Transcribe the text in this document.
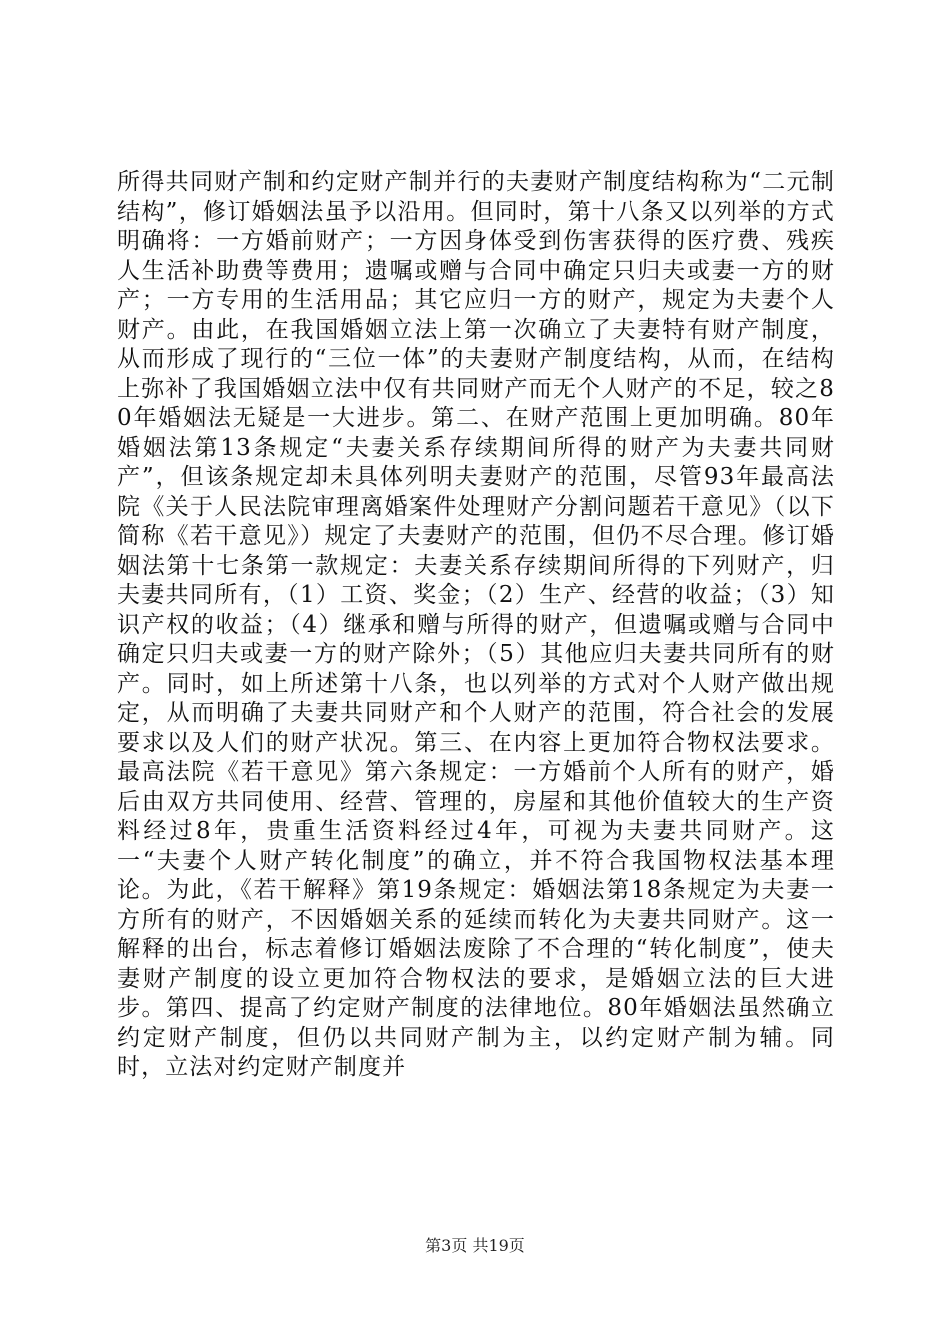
所得共同财产制和约定财产制并行的夫妻财产制度结构称为“二元制结构”，修订婚姻法虽予以沿用。但同时，第十八条又以列举的方式明确将：一方婚前财产；一方因身体受到伤害获得的医疗费、残疾人生活补助费等费用；遗嘱或赠与合同中确定只归夫或妻一方的财产；一方专用的生活用品；其它应归一方的财产，规定为夫妻个人财产。由此，在我国婚姻立法上第一次确立了夫妻特有财产制度，从而形成了现行的“三位一体”的夫妻财产制度结构，从而，在结构上弥补了我国婚姻立法中仅有共同财产而无个人财产的不足，较之80年婚姻法无疑是一大进步。第二、在财产范围上更加明确。80年婚姻法第13条规定“夫妻关系存续期间所得的财产为夫妻共同财产”，但该条规定却未具体列明夫妻财产的范围，尽管93年最高法院《关于人民法院审理离婚案件处理财产分割问题若干意见》（以下简称《若干意见》）规定了夫妻财产的范围，但仍不尽合理。修订婚姻法第十七条第一款规定：夫妻关系存续期间所得的下列财产，归夫妻共同所有，（1）工资、奖金；（2）生产、经营的收益；（3）知识产权的收益；（4）继承和赠与所得的财产，但遗嘱或赠与合同中确定只归夫或妻一方的财产除外；（5）其他应归夫妻共同所有的财产。同时，如上所述第十八条，也以列举的方式对个人财产做出规定，从而明确了夫妻共同财产和个人财产的范围，符合社会的发展要求以及人们的财产状况。第三、在内容上更加符合物权法要求。最高法院《若干意见》第六条规定：一方婚前个人所有的财产，婚后由双方共同使用、经营、管理的，房屋和其他价值较大的生产资料经过8年，贵重生活资料经过4年，可视为夫妻共同财产。这一“夫妻个人财产转化制度”的确立，并不符合我国物权法基本理论。为此，《若干解释》第19条规定：婚姻法第18条规定为夫妻一方所有的财产，不因婚姻关系的延续而转化为夫妻共同财产。这一解释的出台，标志着修订婚姻法废除了不合理的“转化制度”，使夫妻财产制度的设立更加符合物权法的要求，是婚姻立法的巨大进步。第四、提高了约定财产制度的法律地位。80年婚姻法虽然确立约定财产制度，但仍以共同财产制为主，以约定财产制为辅。同时，立法对约定财产制度并

第3页 共19页
